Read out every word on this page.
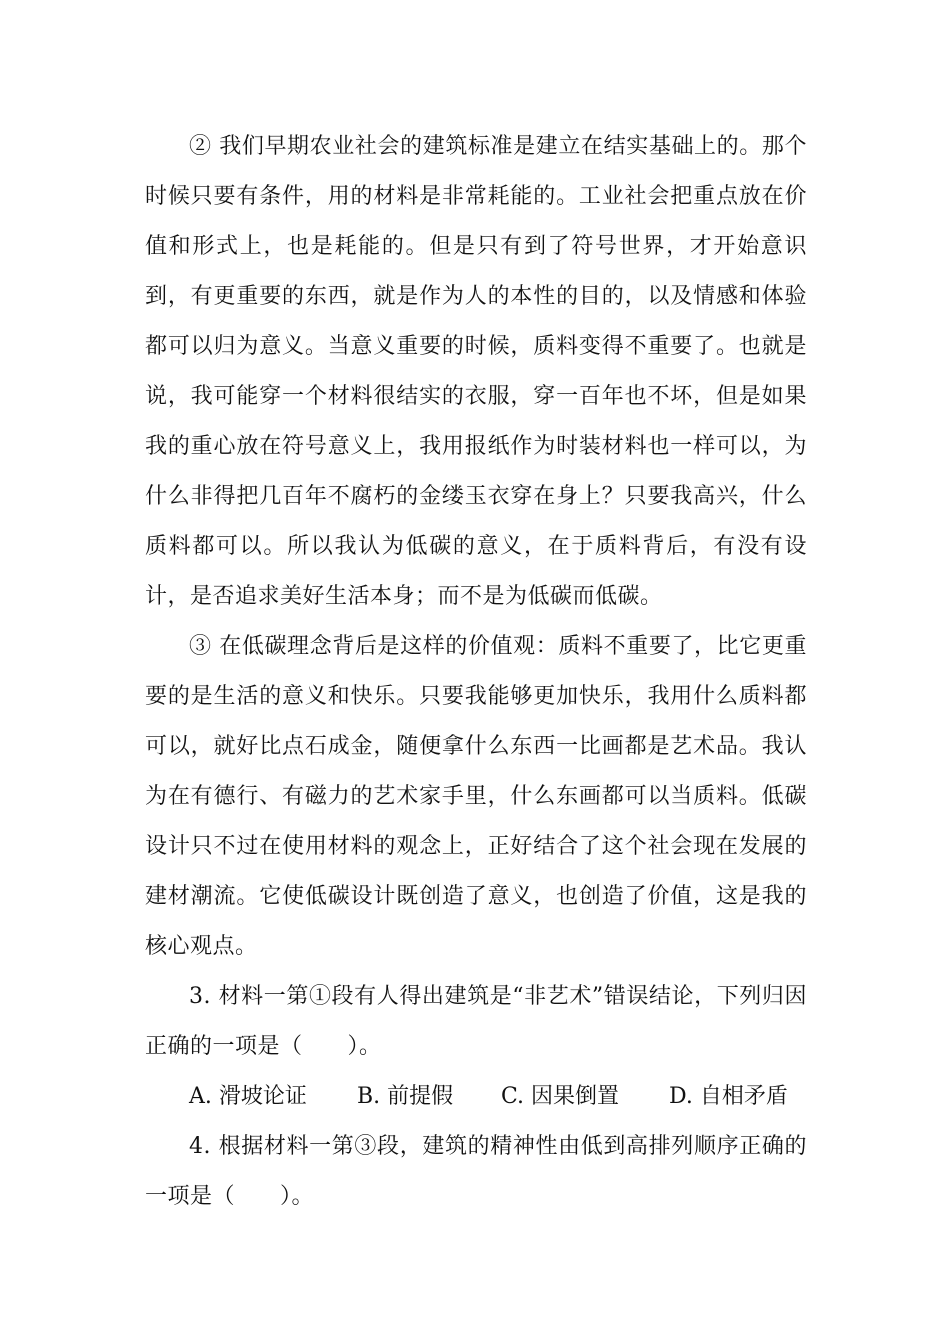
② 我们早期农业社会的建筑标准是建立在结实基础上的。那个时候只要有条件，用的材料是非常耗能的。工业社会把重点放在价值和形式上，也是耗能的。但是只有到了符号世界，才开始意识到，有更重要的东西，就是作为人的本性的目的，以及情感和体验都可以归为意义。当意义重要的时候，质料变得不重要了。也就是说，我可能穿一个材料很结实的衣服，穿一百年也不坏，但是如果我的重心放在符号意义上，我用报纸作为时装材料也一样可以，为什么非得把几百年不腐朽的金缕玉衣穿在身上？只要我高兴，什么质料都可以。所以我认为低碳的意义，在于质料背后，有没有设计，是否追求美好生活本身；而不是为低碳而低碳。

③ 在低碳理念背后是这样的价值观：质料不重要了，比它更重要的是生活的意义和快乐。只要我能够更加快乐，我用什么质料都可以，就好比点石成金，随便拿什么东西一比画都是艺术品。我认为在有德行、有磁力的艺术家手里，什么东画都可以当质料。低碳设计只不过在使用材料的观念上，正好结合了这个社会现在发展的建材潮流。它使低碳设计既创造了意义，也创造了价值，这是我的核心观点。

3. 材料一第①段有人得出建筑是“非艺术”错误结论，下列归因正确的一项是（　　）。

A. 滑坡论证 B. 前提假 C. 因果倒置 D. 自相矛盾

4. 根据材料一第③段，建筑的精神性由低到高排列顺序正确的一项是（　　）。
